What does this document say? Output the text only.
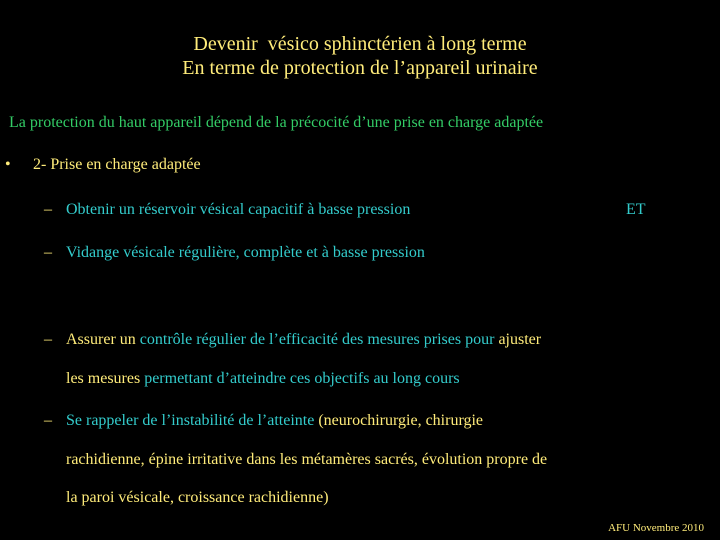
Devenir  vésico sphinctérien à long terme
En terme de protection de l’appareil urinaire
La protection du haut appareil dépend de la précocité d’une prise en charge adaptée
• 2- Prise en charge adaptée
– Obtenir un réservoir vésical capacitif à basse pression	ET
– Vidange vésicale régulière, complète et à basse pression
– Assurer un contrôle régulier de l’efficacité des mesures prises pour ajuster
les mesures permettant d’atteindre ces objectifs au long cours
– Se rappeler de l’instabilité de l’atteinte (neurochirurgie, chirurgie
rachidienne, épine irritative dans les métamères sacrés, évolution propre de
la paroi vésicale, croissance rachidienne)
AFU Novembre 2010
